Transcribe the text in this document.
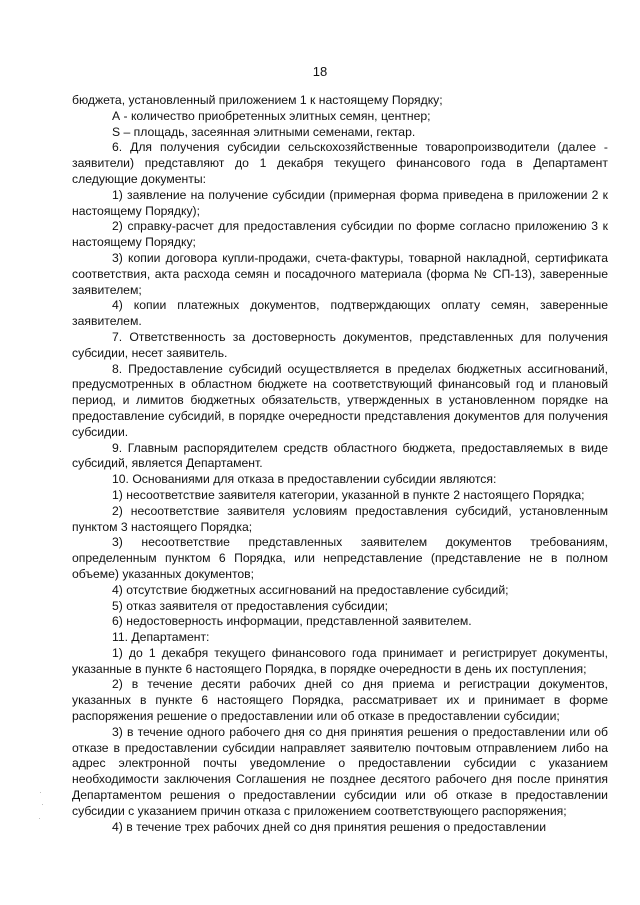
18

бюджета, установленный приложением 1 к настоящему Порядку;

А - количество приобретенных элитных семян, центнер;

S – площадь, засеянная элитными семенами, гектар.

6. Для получения субсидии сельскохозяйственные товаропроизводители (далее - заявители) представляют до 1 декабря текущего финансового года в Департамент следующие документы:

1) заявление на получение субсидии (примерная форма приведена в приложении 2 к настоящему Порядку);

2) справку-расчет для предоставления субсидии по форме согласно приложению 3 к настоящему Порядку;

3) копии договора купли-продажи, счета-фактуры, товарной накладной, сертификата соответствия, акта расхода семян и посадочного материала (форма № СП-13), заверенные заявителем;

4) копии платежных документов, подтверждающих оплату семян, заверенные заявителем.

7. Ответственность за достоверность документов, представленных для получения субсидии, несет заявитель.

8. Предоставление субсидий осуществляется в пределах бюджетных ассигнований, предусмотренных в областном бюджете на соответствующий финансовый год и плановый период, и лимитов бюджетных обязательств, утвержденных в установленном порядке на предоставление субсидий, в порядке очередности представления документов для получения субсидии.

9. Главным распорядителем средств областного бюджета, предоставляемых в виде субсидий, является Департамент.

10. Основаниями для отказа в предоставлении субсидии являются:

1) несоответствие заявителя категории, указанной в пункте 2 настоящего Порядка;

2) несоответствие заявителя условиям предоставления субсидий, установленным пунктом 3 настоящего Порядка;

3) несоответствие представленных заявителем документов требованиям, определенным пунктом 6 Порядка, или непредставление (представление не в полном объеме) указанных документов;

4) отсутствие бюджетных ассигнований на предоставление субсидий;

5) отказ заявителя от предоставления субсидии;

6) недостоверность информации, представленной заявителем.

11. Департамент:

1) до 1 декабря текущего финансового года принимает и регистрирует документы, указанные в пункте 6 настоящего Порядка, в порядке очередности в день их поступления;

2) в течение десяти рабочих дней со дня приема и регистрации документов, указанных в пункте 6 настоящего Порядка, рассматривает их и принимает в форме распоряжения решение о предоставлении или об отказе в предоставлении субсидии;

3) в течение одного рабочего дня со дня принятия решения о предоставлении или об отказе в предоставлении субсидии направляет заявителю почтовым отправлением либо на адрес электронной почты уведомление о предоставлении субсидии с указанием необходимости заключения Соглашения не позднее десятого рабочего дня после принятия Департаментом решения о предоставлении субсидии или об отказе в предоставлении субсидии с указанием причин отказа с приложением соответствующего распоряжения;

4) в течение трех рабочих дней со дня принятия решения о предоставлении
